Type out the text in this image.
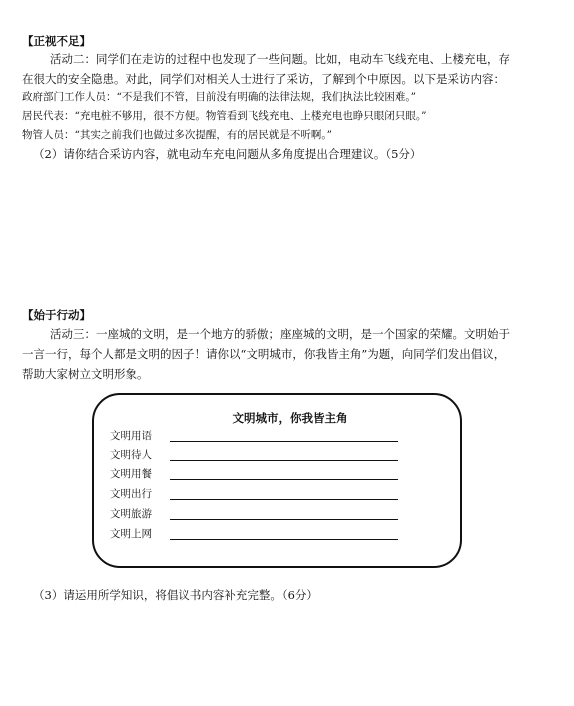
【正视不足】
活动二：同学们在走访的过程中也发现了一些问题。比如，电动车飞线充电、上楼充电，存
在很大的安全隐患。对此，同学们对相关人士进行了采访，了解到个中原因。以下是采访内容：
政府部门工作人员：“不是我们不管，目前没有明确的法律法规，我们执法比较困难。”
居民代表：“充电桩不够用，很不方便。物管看到飞线充电、上楼充电也睁只眼闭只眼。”
物管人员：“其实之前我们也做过多次提醒，有的居民就是不听啊。”
（2）请你结合采访内容，就电动车充电问题从多角度提出合理建议。（5分）
【始于行动】
活动三：一座城的文明，是一个地方的骄傲；座座城的文明，是一个国家的荣耀。文明始于
一言一行，每个人都是文明的因子！请你以“文明城市，你我皆主角”为题，向同学们发出倡议，
帮助大家树立文明形象。
文明城市，你我皆主角
文明用语
文明待人
文明用餐
文明出行
文明旅游
文明上网
（3）请运用所学知识，将倡议书内容补充完整。（6分）
